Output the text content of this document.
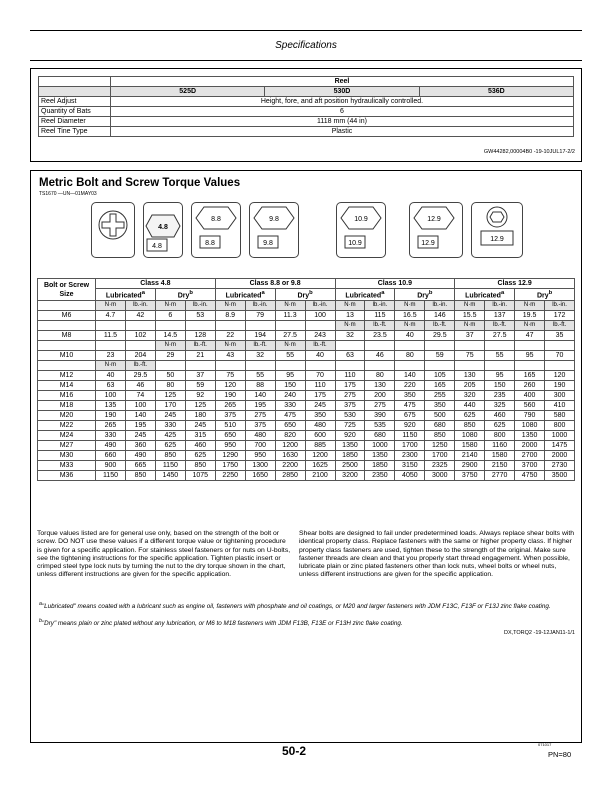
Specifications
	Reel		
	525D	530D	536D
Reel Adjust	Height, fore, and aft position hydraulically controlled.		
Quantity of Bats	6		
Reel Diameter	1118 mm (44 in)		
Reel Tine Type	Plastic		
GW44282,00004B0 -19-10JUL17-2/2
Metric Bolt and Screw Torque Values
TS1670 —UN—01MAY03
4.8
4.8
8.8
8.8
9.8
9.8
10.9
10.9
12.9
12.9
12.9
Bolt or Screw
Size	Class 4.8				Class 8.8 or 9.8				Class 10.9				Class 12.9			
	Lubricated$^a$		Dry$^b$		Lubricated$^a$		Dry$^b$		Lubricated$^a$		Dry$^b$		Lubricated$^a$		Dry$^b$
	N·m	lb.-in.	N·m	lb.-in.	N·m	lb.-in.	N·m	lb.-in.	N·m	lb.-in.	N·m	lb.-in.	N·m	lb.-in.	N·m	lb.-in.
M6	4.7	42	6	53	8.9	79	11.3	100	13	115	16.5	146	15.5	137	19.5	172
									N·m	lb.-ft.	N·m	lb.-ft.	N·m	lb.-ft.	N·m	lb.-ft.
M8	11.5	102	14.5	128	22	194	27.5	243	32	23.5	40	29.5	37	27.5	47	35
			N·m	lb.-ft.	N·m	lb.-ft.	N·m	lb.-ft.								
M10	23	204	29	21	43	32	55	40	63	46	80	59	75	55	95	70
	N·m	lb.-ft.														
M12	40	29.5	50	37	75	55	95	70	110	80	140	105	130	95	165	120
M14	63	46	80	59	120	88	150	110	175	130	220	165	205	150	260	190
M16	100	74	125	92	190	140	240	175	275	200	350	255	320	235	400	300
M18	135	100	170	125	265	195	330	245	375	275	475	350	440	325	560	410
M20	190	140	245	180	375	275	475	350	530	390	675	500	625	460	790	580
M22	265	195	330	245	510	375	650	480	725	535	920	680	850	625	1080	800
M24	330	245	425	315	650	480	820	600	920	680	1150	850	1080	800	1350	1000
M27	490	360	625	460	950	700	1200	885	1350	1000	1700	1250	1580	1160	2000	1475
M30	660	490	850	625	1290	950	1630	1200	1850	1350	2300	1700	2140	1580	2700	2000
M33	900	665	1150	850	1750	1300	2200	1625	2500	1850	3150	2325	2900	2150	3700	2730
M36	1150	850	1450	1075	2250	1650	2850	2100	3200	2350	4050	3000	3750	2770	4750	3500
Torque values listed are for general use only, based on the strength of the bolt or screw. DO NOT use these values if a different torque value or tightening procedure is given for a specific application. For stainless steel fasteners or for nuts on U-bolts, see the tightening instructions for the specific application. Tighten plastic insert or crimped steel type lock nuts by turning the nut to the dry torque shown in the chart, unless different instructions are given for the specific application.
Shear bolts are designed to fail under predetermined loads. Always replace shear bolts with identical property class. Replace fasteners with the same or higher property class. If higher property class fasteners are used, tighten these to the strength of the original. Make sure fastener threads are clean and that you properly start thread engagement. When possible, lubricate plain or zinc plated fasteners other than lock nuts, wheel bolts or wheel nuts, unless different instructions are given for the specific application.
$^a$"Lubricated" means coated with a lubricant such as engine oil, fasteners with phosphate and oil coatings, or M20 and larger fasteners with JDM F13C, F13F or F13J zinc flake coating.
$^b$"Dry" means plain or zinc plated without any lubrication, or M6 to M18 fasteners with JDM F13B, F13E or F13H zinc flake coating.
DX,TORQ2 -19-12JAN11-1/1
50-2	071017
PN=80
